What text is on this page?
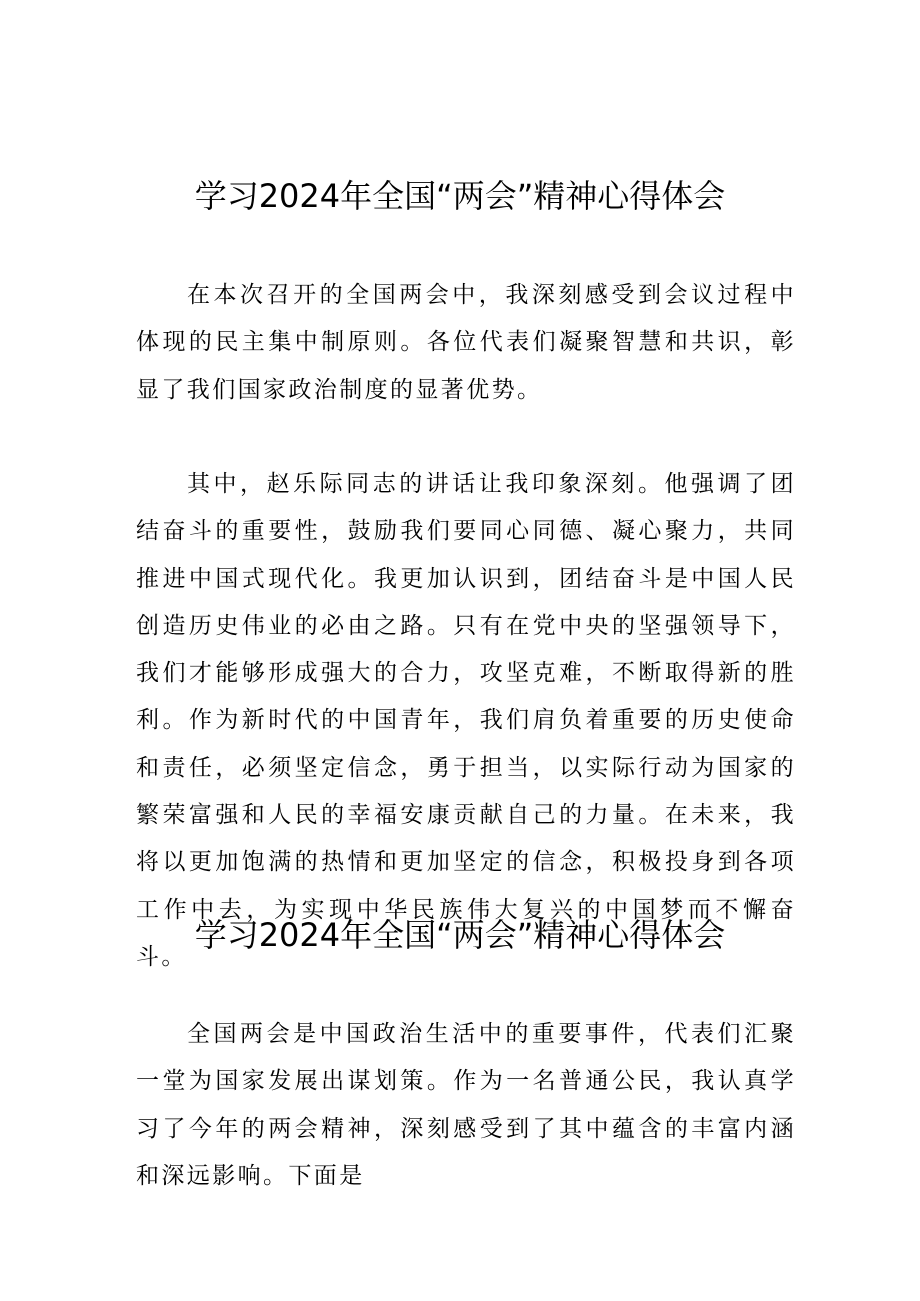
学习2024年全国“两会”精神心得体会

在本次召开的全国两会中，我深刻感受到会议过程中体现的民主集中制原则。各位代表们凝聚智慧和共识，彰显了我们国家政治制度的显著优势。

其中，赵乐际同志的讲话让我印象深刻。他强调了团结奋斗的重要性，鼓励我们要同心同德、凝心聚力，共同推进中国式现代化。我更加认识到，团结奋斗是中国人民创造历史伟业的必由之路。只有在党中央的坚强领导下，我们才能够形成强大的合力，攻坚克难，不断取得新的胜利。作为新时代的中国青年，我们肩负着重要的历史使命和责任，必须坚定信念，勇于担当，以实际行动为国家的繁荣富强和人民的幸福安康贡献自己的力量。在未来，我将以更加饱满的热情和更加坚定的信念，积极投身到各项工作中去，为实现中华民族伟大复兴的中国梦而不懈奋斗。

学习2024年全国“两会”精神心得体会

全国两会是中国政治生活中的重要事件，代表们汇聚一堂为国家发展出谋划策。作为一名普通公民，我认真学习了今年的两会精神，深刻感受到了其中蕴含的丰富内涵和深远影响。下面是
